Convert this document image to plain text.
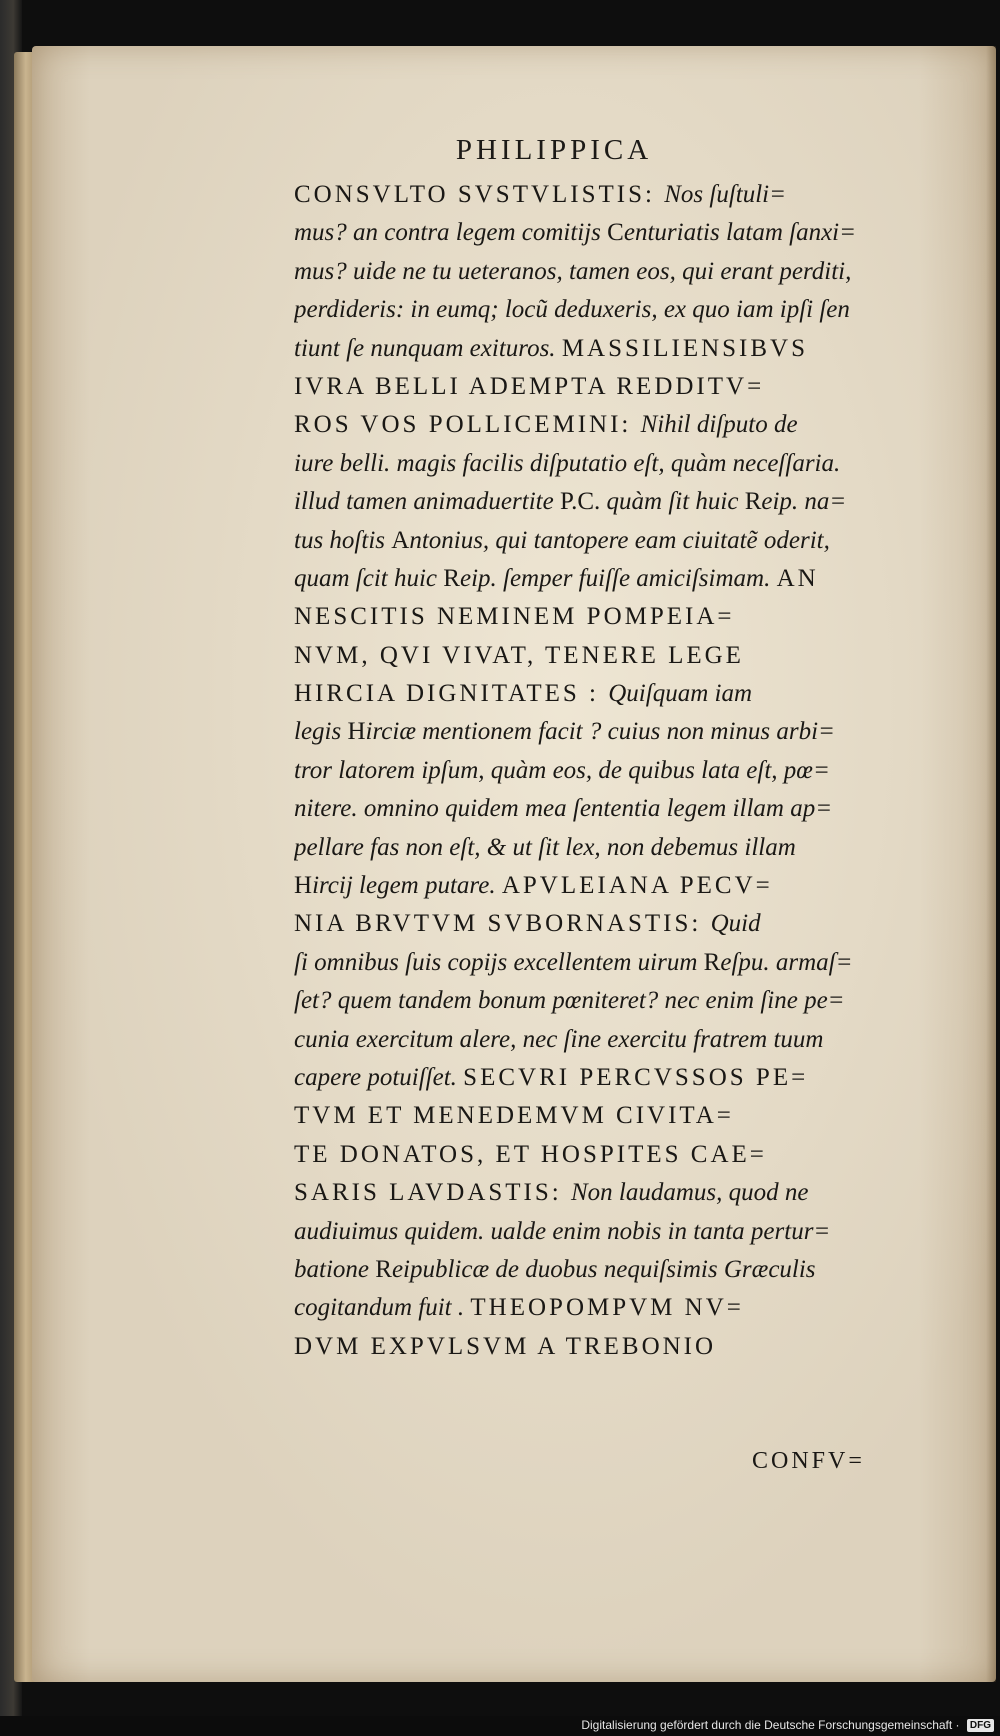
PHILIPPICA
CONSVLTO SVSTVLISTIS: Nos ſuſtuli=
mus? an contra legem comitijs Centuriatis latam ſanxi=
mus? uide ne tu ueteranos, tamen eos, qui erant perditi,
perdideris: in eumq; locũ deduxeris, ex quo iam ipſi ſen
tiunt ſe nunquam exituros. MASSILIENSIBVS
IVRA BELLI ADEMPTA REDDITV=
ROS VOS POLLICEMINI: Nihil diſputo de
iure belli. magis facilis diſputatio eſt, quàm neceſſaria.
illud tamen animaduertite P.C. quàm ſit huic Reip. na=
tus hoſtis Antonius, qui tantopere eam ciuitatẽ oderit,
quam ſcit huic Reip. ſemper fuiſſe amiciſsimam. AN
NESCITIS NEMINEM POMPEIA=
NVM, QVI VIVAT, TENERE LEGE
HIRCIA DIGNITATES : Quiſquam iam
legis Hirciæ mentionem facit ? cuius non minus arbi=
tror latorem ipſum, quàm eos, de quibus lata eſt, pœ=
nitere. omnino quidem mea ſententia legem illam ap=
pellare fas non eſt, & ut ſit lex, non debemus illam
Hircij legem putare. APVLEIANA PECV=
NIA BRVTVM SVBORNASTIS: Quid
ſi omnibus ſuis copijs excellentem uirum Reſpu. armaſ=
ſet? quem tandem bonum pœniteret? nec enim ſine pe=
cunia exercitum alere, nec ſine exercitu fratrem tuum
capere potuiſſet. SECVRI PERCVSSOS PE=
TVM ET MENEDEMVM CIVITA=
TE DONATOS, ET HOSPITES CAE=
SARIS LAVDASTIS: Non laudamus, quod ne
audiuimus quidem. ualde enim nobis in tanta pertur=
batione Reipublicæ de duobus nequiſsimis Græculis
cogitandum fuit . THEOPOMPVM NV=
DVM EXPVLSVM A TREBONIO
CONFV=
Digitalisierung gefördert durch die Deutsche Forschungsgemeinschaft · DFG
